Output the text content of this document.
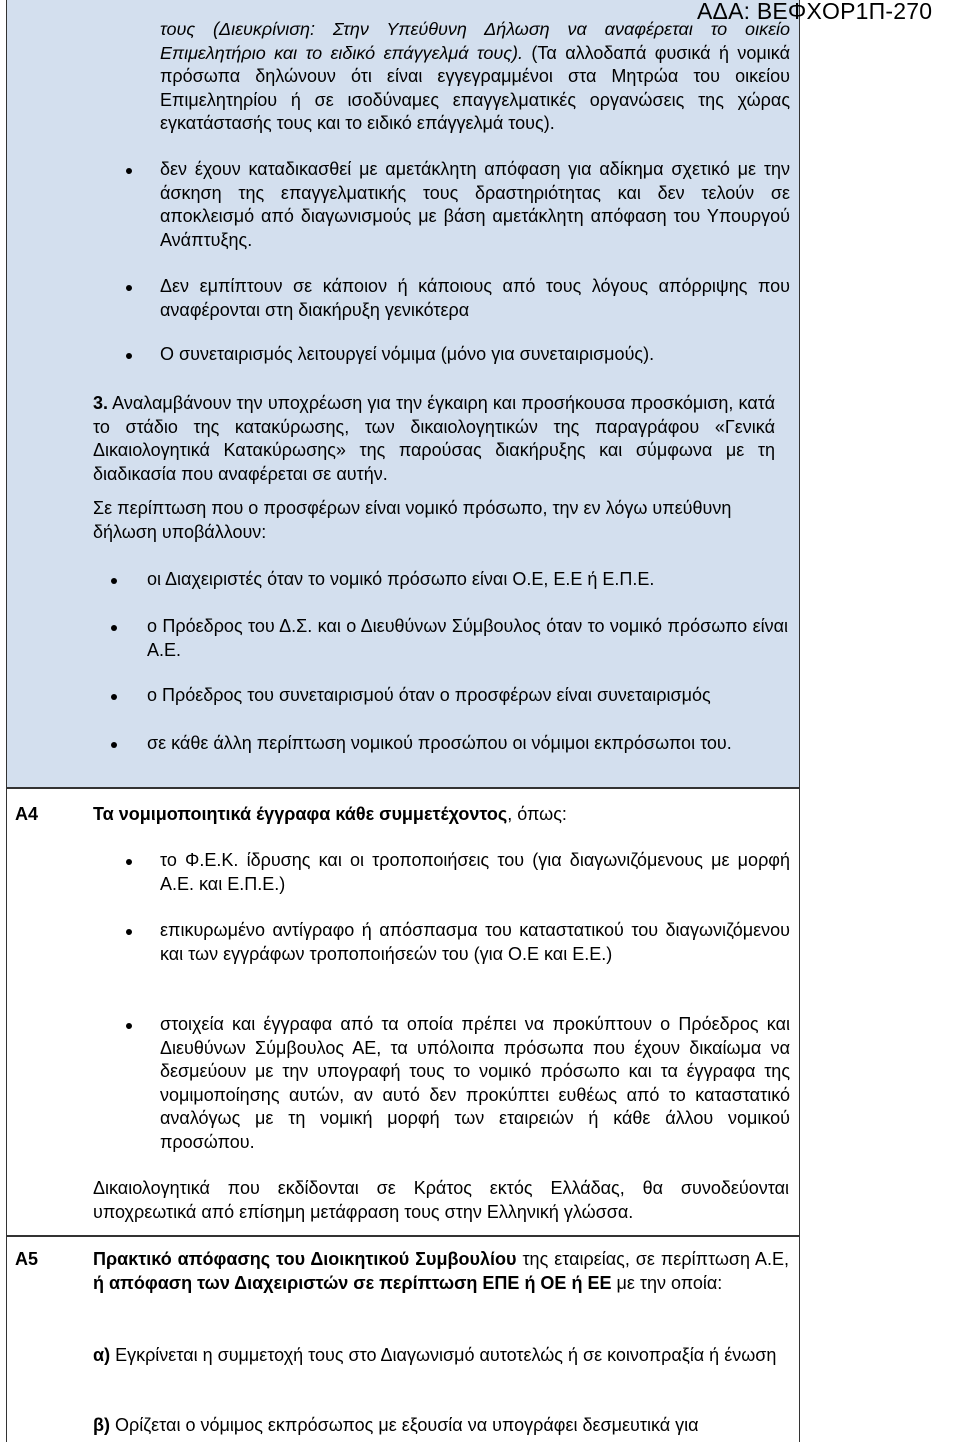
ΑΔΑ: ΒΕΦΧΟΡ1Π-270
τους (Διευκρίνιση: Στην Υπεύθυνη Δήλωση να αναφέρεται το οικείο Επιμελητήριο και το ειδικό επάγγελμά τους). (Τα αλλοδαπά φυσικά ή νομικά πρόσωπα δηλώνουν ότι είναι εγγεγραμμένοι στα Μητρώα του οικείου Επιμελητηρίου ή σε ισοδύναμες επαγγελματικές οργανώσεις της χώρας εγκατάστασής τους και το ειδικό επάγγελμά τους).
δεν έχουν καταδικασθεί με αμετάκλητη απόφαση για αδίκημα σχετικό με την άσκηση της επαγγελματικής τους δραστηριότητας και δεν τελούν σε αποκλεισμό από διαγωνισμούς με βάση αμετάκλητη απόφαση του Υπουργού Ανάπτυξης.
Δεν εμπίπτουν σε κάποιον ή κάποιους από τους λόγους απόρριψης που αναφέρονται στη διακήρυξη γενικότερα
Ο συνεταιρισμός λειτουργεί νόμιμα (μόνο για συνεταιρισμούς).
3. Αναλαμβάνουν την υποχρέωση για την έγκαιρη και προσήκουσα προσκόμιση, κατά το στάδιο της κατακύρωσης, των δικαιολογητικών της παραγράφου «Γενικά Δικαιολογητικά Κατακύρωσης» της παρούσας διακήρυξης και σύμφωνα με τη διαδικασία που αναφέρεται σε αυτήν.
Σε περίπτωση που ο προσφέρων είναι νομικό πρόσωπο, την εν λόγω υπεύθυνη δήλωση υποβάλλουν:
οι Διαχειριστές όταν το νομικό πρόσωπο είναι Ο.Ε, Ε.Ε ή Ε.Π.Ε.
ο Πρόεδρος του Δ.Σ. και ο Διευθύνων Σύμβουλος όταν το νομικό πρόσωπο είναι Α.Ε.
ο Πρόεδρος του συνεταιρισμού όταν ο προσφέρων είναι συνεταιρισμός
σε κάθε άλλη περίπτωση νομικού προσώπου οι νόμιμοι εκπρόσωποι του.
Α4	Τα νομιμοποιητικά έγγραφα κάθε συμμετέχοντος, όπως:
το Φ.Ε.Κ. ίδρυσης και οι τροποποιήσεις του (για διαγωνιζόμενους με μορφή Α.Ε. και Ε.Π.Ε.)
επικυρωμένο αντίγραφο ή απόσπασμα του καταστατικού του διαγωνιζόμενου και των εγγράφων τροποποιήσεών του (για Ο.Ε και Ε.Ε.)
στοιχεία και έγγραφα από τα οποία πρέπει να προκύπτουν ο Πρόεδρος και Διευθύνων Σύμβουλος ΑΕ, τα υπόλοιπα πρόσωπα που έχουν δικαίωμα να δεσμεύουν με την υπογραφή τους το νομικό πρόσωπο και τα έγγραφα της νομιμοποίησης αυτών, αν αυτό δεν προκύπτει ευθέως από το καταστατικό αναλόγως με τη νομική μορφή των εταιρειών ή κάθε άλλου νομικού προσώπου.
Δικαιολογητικά που εκδίδονται σε Κράτος εκτός Ελλάδας, θα συνοδεύονται υποχρεωτικά από επίσημη μετάφραση τους στην Ελληνική γλώσσα.
Α5	Πρακτικό απόφασης του Διοικητικού Συμβουλίου της εταιρείας, σε περίπτωση Α.Ε, ή απόφαση των Διαχειριστών σε περίπτωση ΕΠΕ ή ΟΕ ή ΕΕ με την οποία:
α) Εγκρίνεται η συμμετοχή τους στο Διαγωνισμό αυτοτελώς ή σε κοινοπραξία ή ένωση
β) Ορίζεται ο νόμιμος εκπρόσωπος με εξουσία να υπογράφει δεσμευτικά για
